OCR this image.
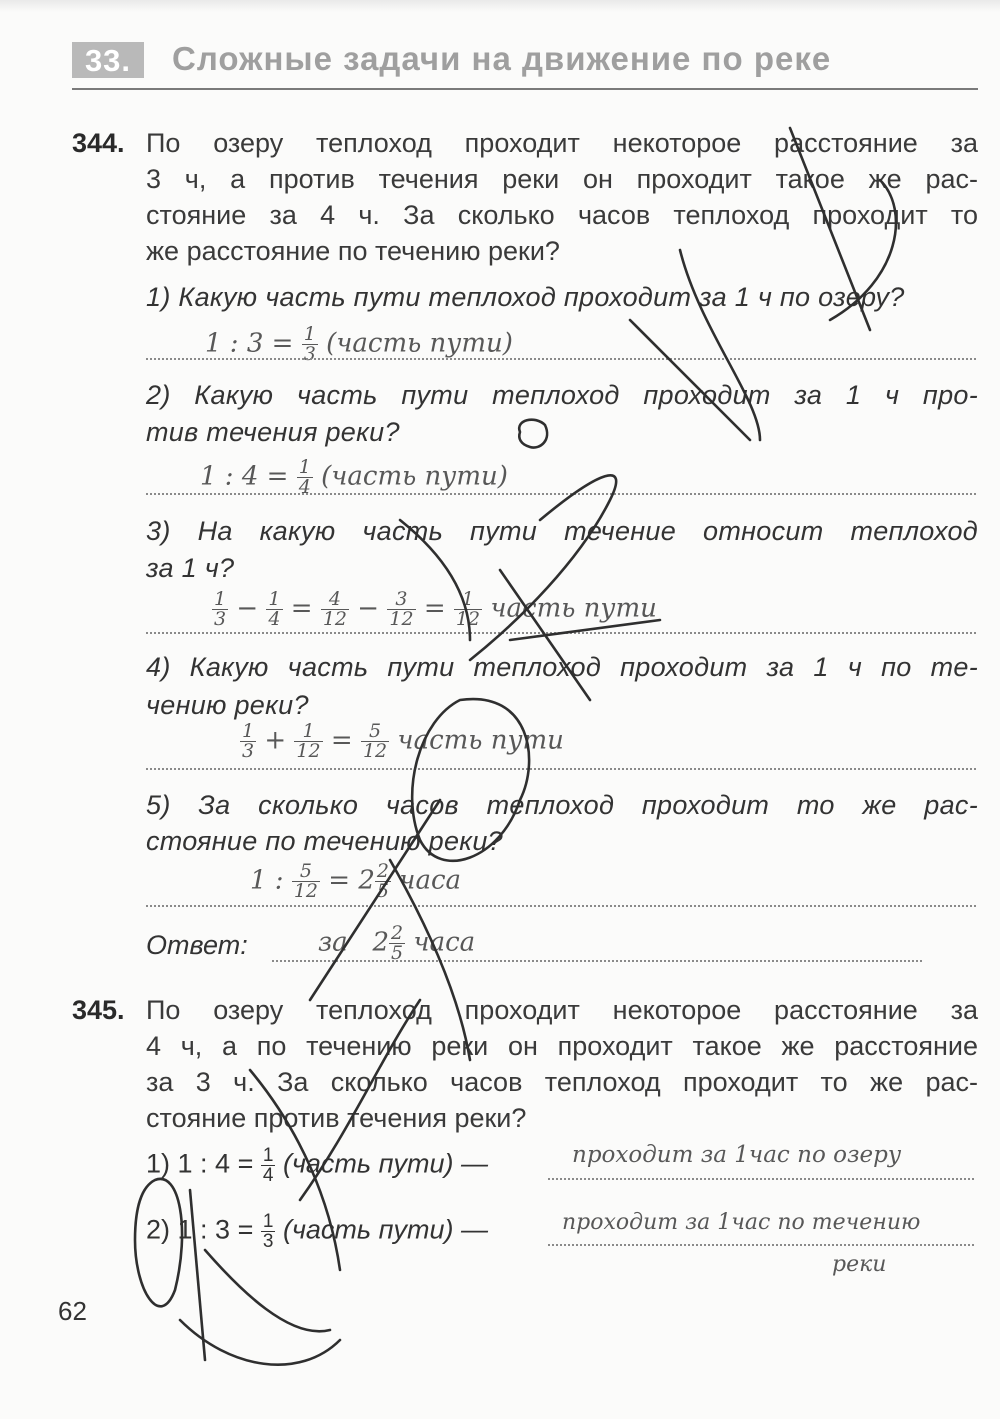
33.	Сложные задачи на движение по реке
344. По озеру теплоход проходит некоторое расстояние за
3 ч, а против течения реки он проходит такое же рас-
стояние за 4 ч. За сколько часов теплоход проходит то
же расстояние по течению реки?
1) Какую часть пути теплоход проходит за 1 ч по озеру?
1 : $3 = \frac{1}{3}$ (часть пути)
2) Какую часть пути теплоход проходит за 1 ч про-
тив течения реки?
1 : $4 = \frac{1}{4}$ (часть пути)
3) На какую часть пути течение относит теплоход
за 1 ч?
$\frac{1}{3} - \frac{1}{4} = \frac{4}{12} - \frac{3}{12} = \frac{1}{12}$ часть пути
4) Какую часть пути теплоход проходит за 1 ч по те-
чению реки?
$\frac{1}{3} + \frac{1}{12} = \frac{5}{12}$ часть пути
5) За сколько часов теплоход проходит то же рас-
стояние по течению реки?
1 : $\frac{5}{12} = 2 \frac{2}{5}$ часа
Ответ:	за $2 \frac{2}{5}$ часа
345. По озеру теплоход проходит некоторое расстояние за
4 ч, а по течению реки он проходит такое же расстояние
за 3 ч. За сколько часов теплоход проходит то же рас-
стояние против течения реки?
1) 1 : $4 = \frac{1}{4}$ (часть пути) —	проходит за 1час по озеру
2) 1 : $3 = \frac{1}{3}$ (часть пути) —	проходит за 1час по течению
реки
62
